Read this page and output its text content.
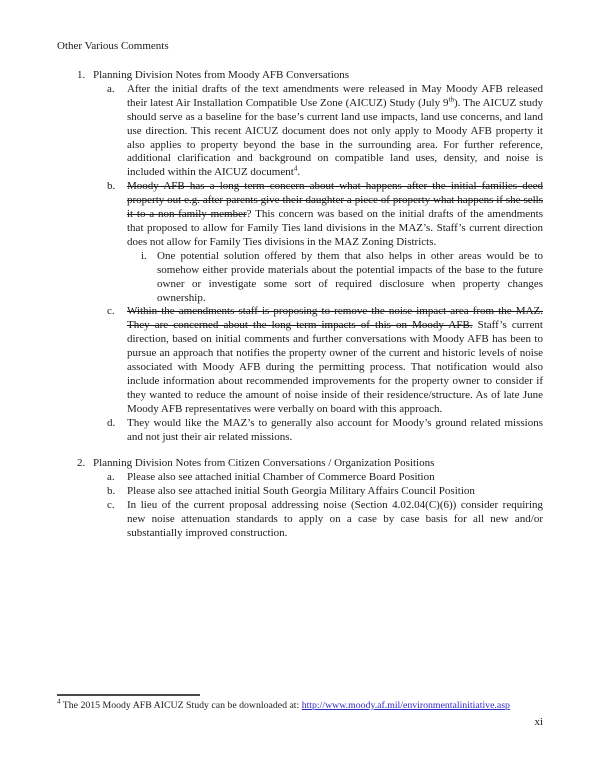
Other Various Comments
1. Planning Division Notes from Moody AFB Conversations
a. After the initial drafts of the text amendments were released in May Moody AFB released their latest Air Installation Compatible Use Zone (AICUZ) Study (July 9th). The AICUZ study should serve as a baseline for the base’s current land use impacts, land use concerns, and land use direction. This recent AICUZ document does not only apply to Moody AFB property it also applies to property beyond the base in the surrounding area. For further reference, additional clarification and background on compatible land uses, density, and noise is included within the AICUZ document$^4$.
b. Moody AFB has a long term concern about what happens after the initial families deed property out e.g. after parents give their daughter a piece of property what happens if she sells it to a non-family member? This concern was based on the initial drafts of the amendments that proposed to allow for Family Ties land divisions in the MAZ’s. Staff’s current direction does not allow for Family Ties divisions in the MAZ Zoning Districts.
i. One potential solution offered by them that also helps in other areas would be to somehow either provide materials about the potential impacts of the base to the future owner or investigate some sort of required disclosure when property changes ownership.
c. Within the amendments staff is proposing to remove the noise impact area from the MAZ. They are concerned about the long term impacts of this on Moody AFB. Staff’s current direction, based on initial comments and further conversations with Moody AFB has been to pursue an approach that notifies the property owner of the current and historic levels of noise associated with Moody AFB during the permitting process. That notification would also include information about recommended improvements for the property owner to consider if they wanted to reduce the amount of noise inside of their residence/structure. As of late June Moody AFB representatives were verbally on board with this approach.
d. They would like the MAZ’s to generally also account for Moody’s ground related missions and not just their air related missions.
2. Planning Division Notes from Citizen Conversations / Organization Positions
a. Please also see attached initial Chamber of Commerce Board Position
b. Please also see attached initial South Georgia Military Affairs Council Position
c. In lieu of the current proposal addressing noise (Section 4.02.04(C)(6)) consider requiring new noise attenuation standards to apply on a case by case basis for all new and/or substantially improved construction.
$^4$ The 2015 Moody AFB AICUZ Study can be downloaded at: http://www.moody.af.mil/environmentalinitiative.asp
xi
